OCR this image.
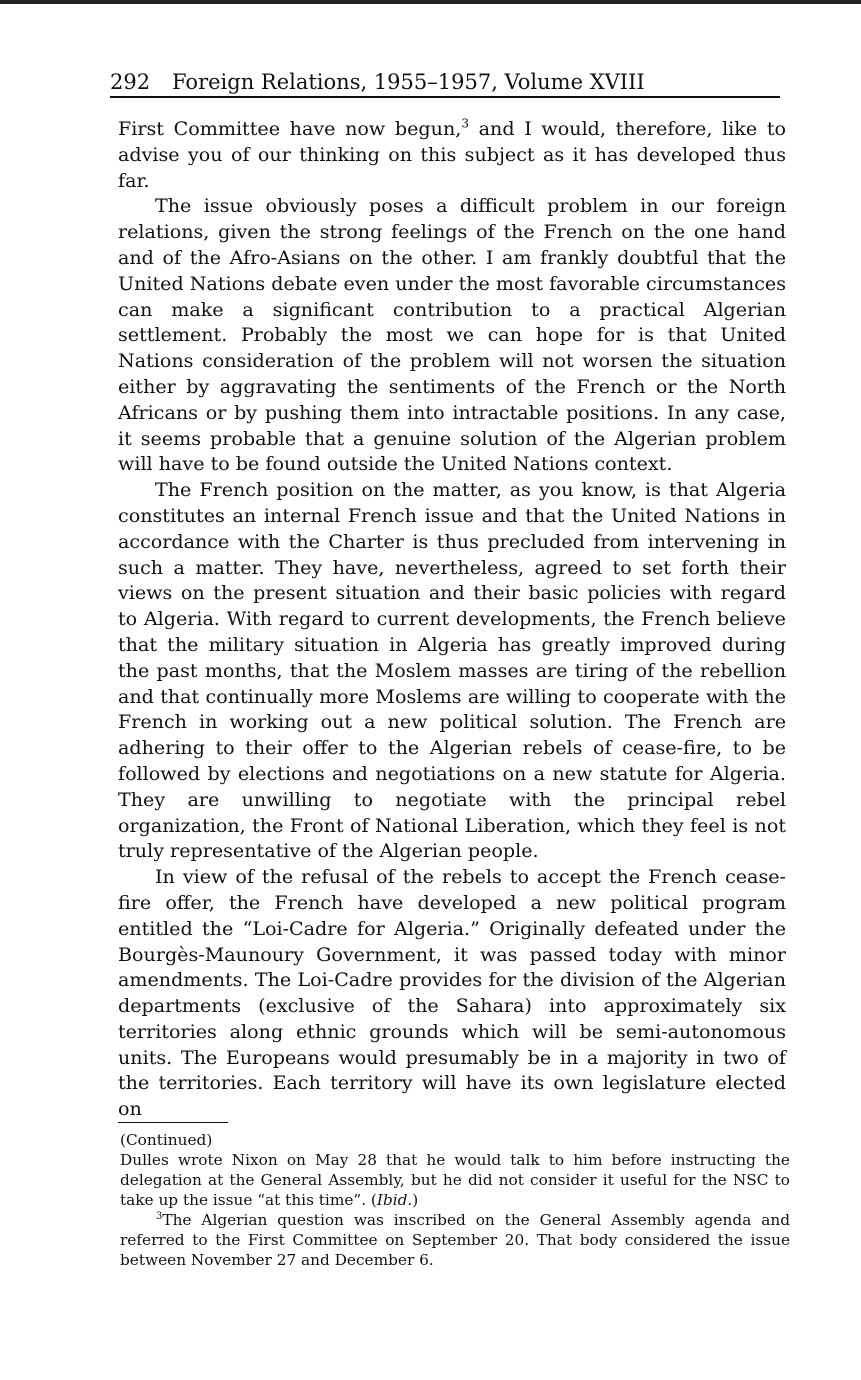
292 Foreign Relations, 1955–1957, Volume XVIII

First Committee have now begun,$^3$ and I would, therefore, like to advise you of our thinking on this subject as it has developed thus far.

The issue obviously poses a difficult problem in our foreign relations, given the strong feelings of the French on the one hand and of the Afro-Asians on the other. I am frankly doubtful that the United Nations debate even under the most favorable circumstances can make a significant contribution to a practical Algerian settlement. Probably the most we can hope for is that United Nations consideration of the problem will not worsen the situation either by aggravating the sentiments of the French or the North Africans or by pushing them into intractable positions. In any case, it seems probable that a genuine solution of the Algerian problem will have to be found outside the United Nations context.

The French position on the matter, as you know, is that Algeria constitutes an internal French issue and that the United Nations in accordance with the Charter is thus precluded from intervening in such a matter. They have, nevertheless, agreed to set forth their views on the present situation and their basic policies with regard to Algeria. With regard to current developments, the French believe that the military situation in Algeria has greatly improved during the past months, that the Moslem masses are tiring of the rebellion and that continually more Moslems are willing to cooperate with the French in working out a new political solution. The French are adhering to their offer to the Algerian rebels of cease-fire, to be followed by elections and negotiations on a new statute for Algeria. They are unwilling to negotiate with the principal rebel organization, the Front of National Liberation, which they feel is not truly representative of the Algerian people.

In view of the refusal of the rebels to accept the French cease-fire offer, the French have developed a new political program entitled the “Loi-Cadre for Algeria.” Originally defeated under the Bourgès-Maunoury Government, it was passed today with minor amendments. The Loi-Cadre provides for the division of the Algerian departments (exclusive of the Sahara) into approximately six territories along ethnic grounds which will be semi-autonomous units. The Europeans would presumably be in a majority in two of the territories. Each territory will have its own legislature elected on

(Continued)

Dulles wrote Nixon on May 28 that he would talk to him before instructing the delegation at the General Assembly, but he did not consider it useful for the NSC to take up the issue “at this time”. (Ibid.)

$^3$The Algerian question was inscribed on the General Assembly agenda and referred to the First Committee on September 20. That body considered the issue between November 27 and December 6.
